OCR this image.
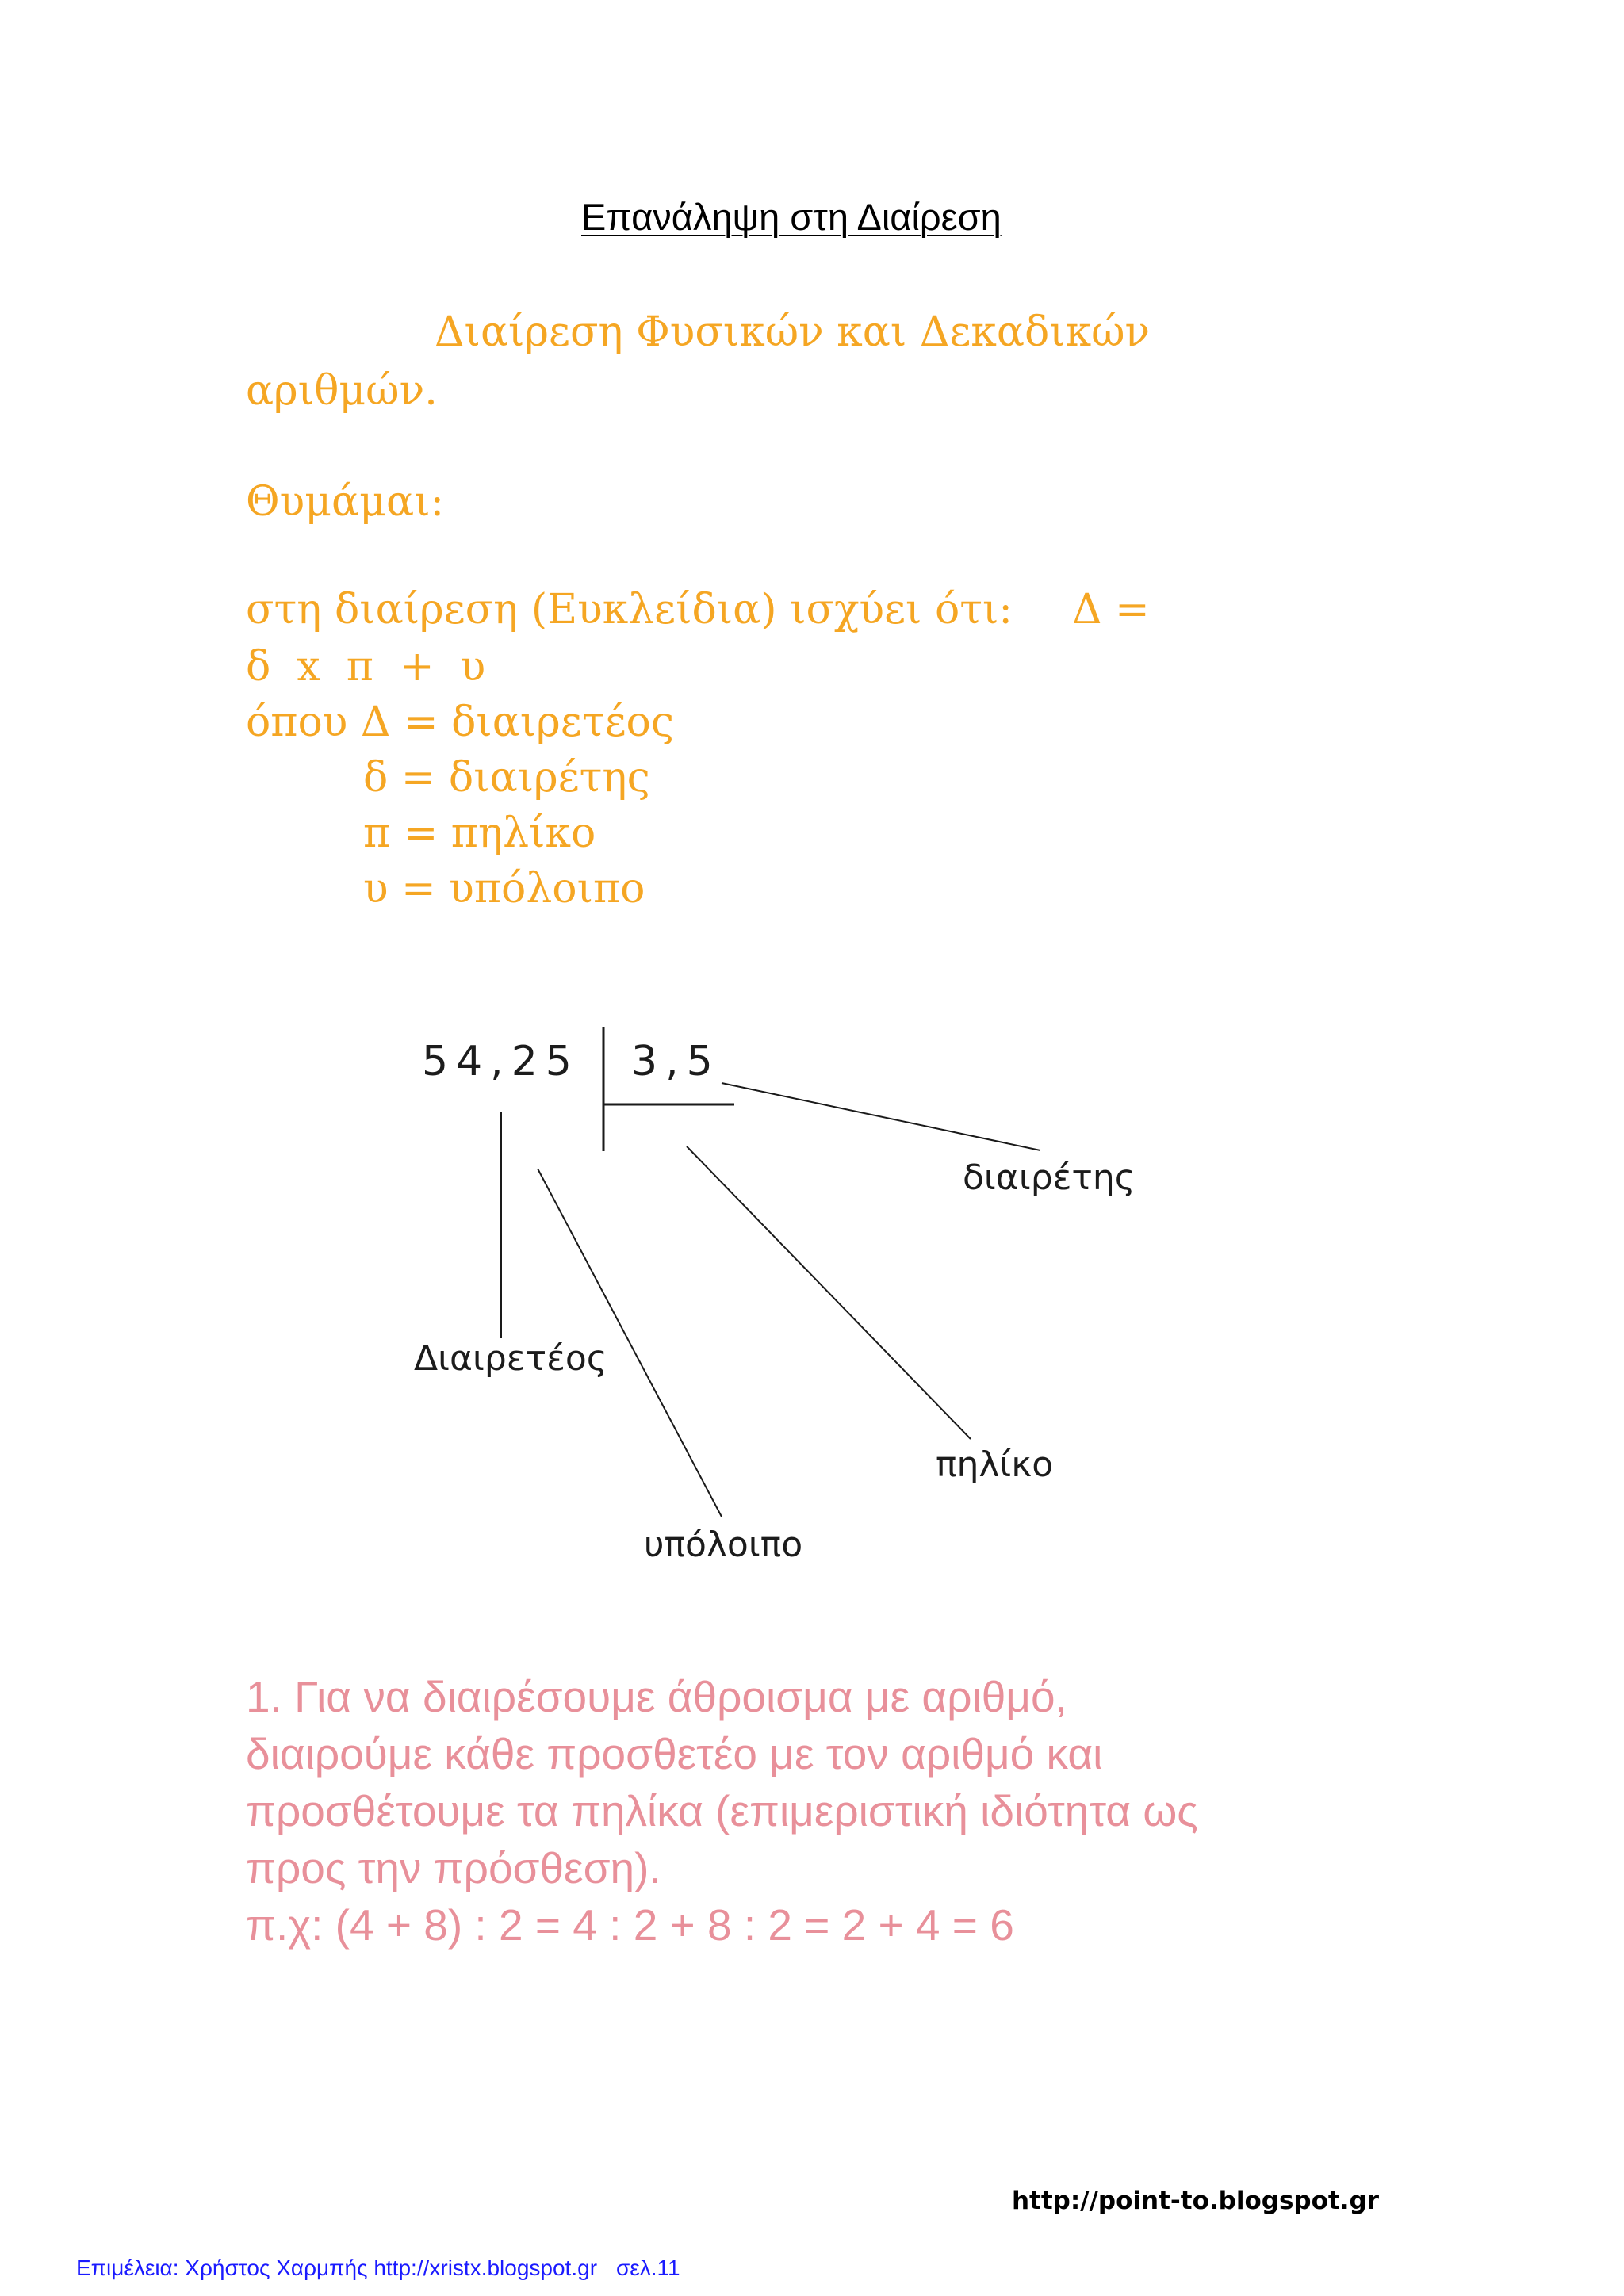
Επανάληψη στη Διαίρεση
Διαίρεση Φυσικών και Δεκαδικών
αριθμών.
Θυμάμαι:
στη διαίρεση (Ευκλείδια) ισχύει ότι: Δ =
δ  x  π  +  υ
όπου Δ = διαιρετέος
δ = διαιρέτης
π = πηλίκο
υ = υπόλοιπο
54,25 3,5
διαιρέτης
Διαιρετέος
πηλίκο
υπόλοιπο
1. Για να διαιρέσουμε άθροισμα με αριθμό,
διαιρούμε κάθε προσθετέο με τον αριθμό και
προσθέτουμε τα πηλίκα (επιμεριστική ιδιότητα ως
προς την πρόσθεση).
π.χ: (4 + 8) : 2 = 4 : 2 + 8 : 2 = 2 + 4 = 6
http://point-to.blogspot.gr
Επιμέλεια: Χρήστος Χαρμπής http://xristx.blogspot.gr σελ.11
